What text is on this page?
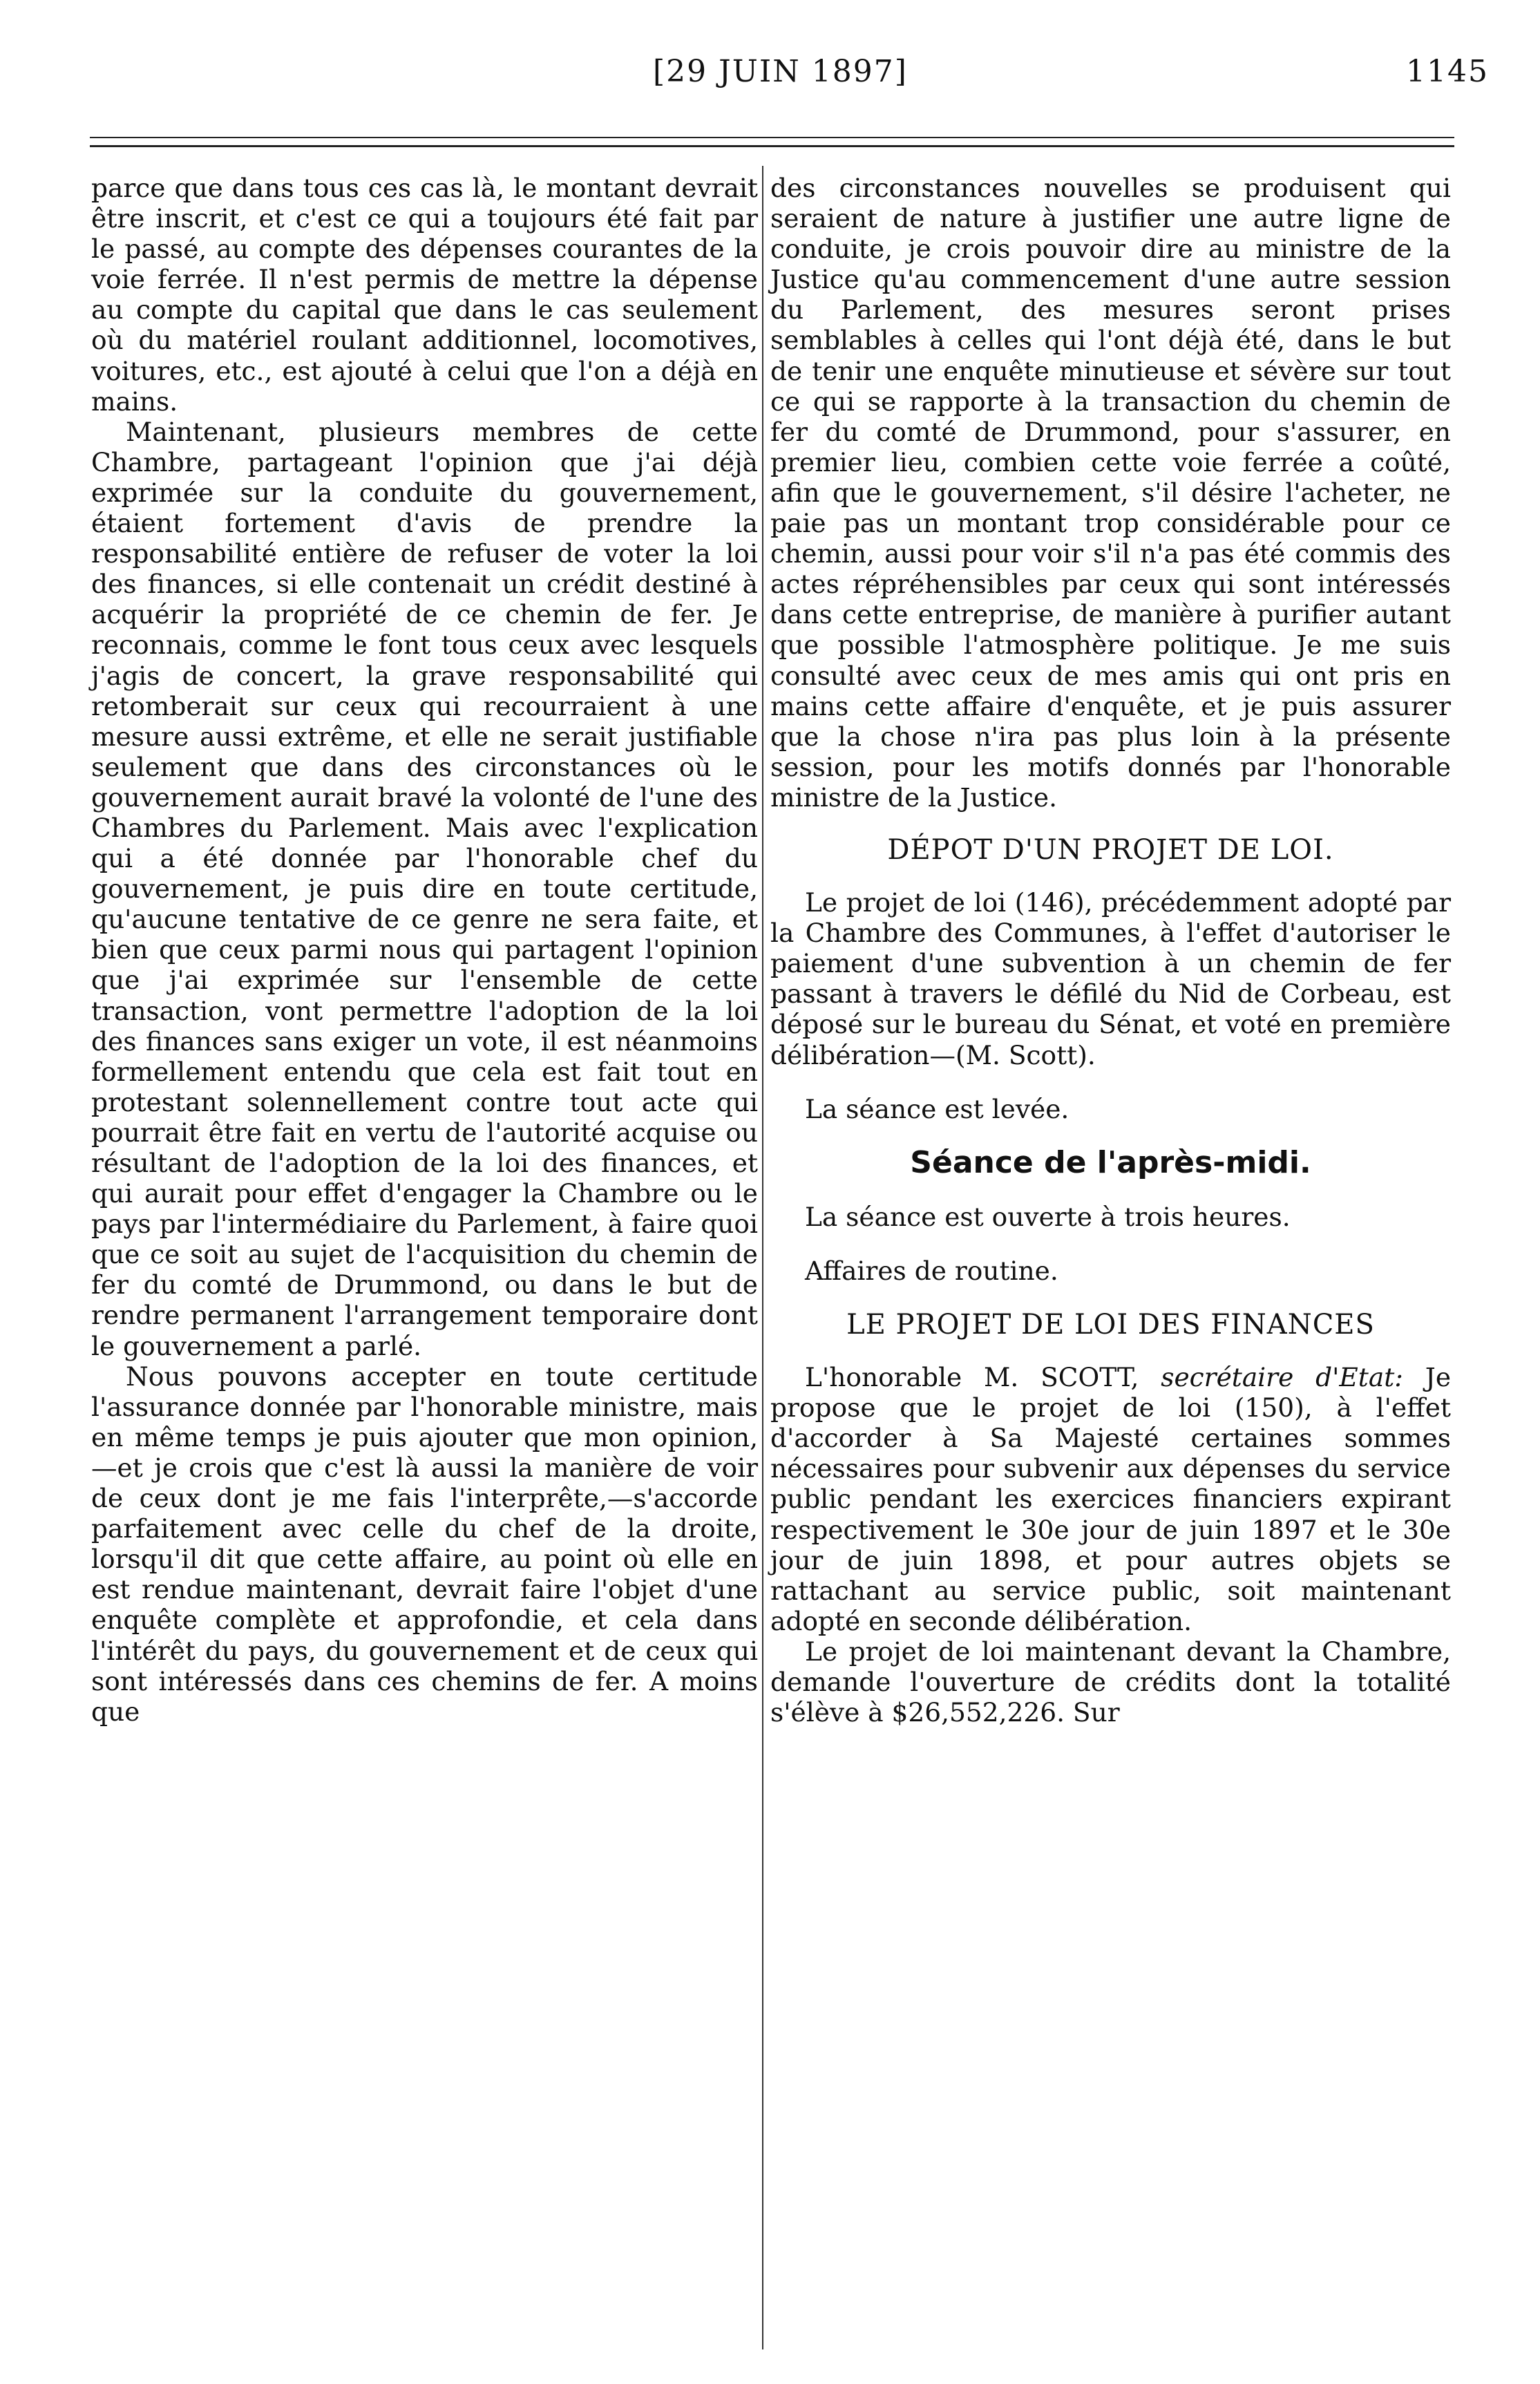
[29 JUIN 1897]	1145

parce que dans tous ces cas là, le montant devrait être inscrit, et c'est ce qui a toujours été fait par le passé, au compte des dépenses courantes de la voie ferrée. Il n'est permis de mettre la dépense au compte du capital que dans le cas seulement où du matériel roulant additionnel, locomotives, voitures, etc., est ajouté à celui que l'on a déjà en mains.

Maintenant, plusieurs membres de cette Chambre, partageant l'opinion que j'ai déjà exprimée sur la conduite du gouvernement, étaient fortement d'avis de prendre la responsabilité entière de refuser de voter la loi des finances, si elle contenait un crédit destiné à acquérir la propriété de ce chemin de fer. Je reconnais, comme le font tous ceux avec lesquels j'agis de concert, la grave responsabilité qui retomberait sur ceux qui recourraient à une mesure aussi extrême, et elle ne serait justifiable seulement que dans des circonstances où le gouvernement aurait bravé la volonté de l'une des Chambres du Parlement. Mais avec l'explication qui a été donnée par l'honorable chef du gouvernement, je puis dire en toute certitude, qu'aucune tentative de ce genre ne sera faite, et bien que ceux parmi nous qui partagent l'opinion que j'ai exprimée sur l'ensemble de cette transaction, vont permettre l'adoption de la loi des finances sans exiger un vote, il est néanmoins formellement entendu que cela est fait tout en protestant solennellement contre tout acte qui pourrait être fait en vertu de l'autorité acquise ou résultant de l'adoption de la loi des finances, et qui aurait pour effet d'engager la Chambre ou le pays par l'intermédiaire du Parlement, à faire quoi que ce soit au sujet de l'acquisition du chemin de fer du comté de Drummond, ou dans le but de rendre permanent l'arrangement temporaire dont le gouvernement a parlé.

Nous pouvons accepter en toute certitude l'assurance donnée par l'honorable ministre, mais en même temps je puis ajouter que mon opinion,—et je crois que c'est là aussi la manière de voir de ceux dont je me fais l'interprête,—s'accorde parfaitement avec celle du chef de la droite, lorsqu'il dit que cette affaire, au point où elle en est rendue maintenant, devrait faire l'objet d'une enquête complète et approfondie, et cela dans l'intérêt du pays, du gouvernement et de ceux qui sont intéressés dans ces chemins de fer. A moins que

des circonstances nouvelles se produisent qui seraient de nature à justifier une autre ligne de conduite, je crois pouvoir dire au ministre de la Justice qu'au commencement d'une autre session du Parlement, des mesures seront prises semblables à celles qui l'ont déjà été, dans le but de tenir une enquête minutieuse et sévère sur tout ce qui se rapporte à la transaction du chemin de fer du comté de Drummond, pour s'assurer, en premier lieu, combien cette voie ferrée a coûté, afin que le gouvernement, s'il désire l'acheter, ne paie pas un montant trop considérable pour ce chemin, aussi pour voir s'il n'a pas été commis des actes répréhensibles par ceux qui sont intéressés dans cette entreprise, de manière à purifier autant que possible l'atmosphère politique. Je me suis consulté avec ceux de mes amis qui ont pris en mains cette affaire d'enquête, et je puis assurer que la chose n'ira pas plus loin à la présente session, pour les motifs donnés par l'honorable ministre de la Justice.

DÉPOT D'UN PROJET DE LOI.

Le projet de loi (146), précédemment adopté par la Chambre des Communes, à l'effet d'autoriser le paiement d'une subvention à un chemin de fer passant à travers le défilé du Nid de Corbeau, est déposé sur le bureau du Sénat, et voté en première délibération—(M. Scott).

La séance est levée.

Séance de l'après-midi.

La séance est ouverte à trois heures.

Affaires de routine.

LE PROJET DE LOI DES FINANCES

L'honorable M. SCOTT, secrétaire d'Etat: Je propose que le projet de loi (150), à l'effet d'accorder à Sa Majesté certaines sommes nécessaires pour subvenir aux dépenses du service public pendant les exercices financiers expirant respectivement le 30e jour de juin 1897 et le 30e jour de juin 1898, et pour autres objets se rattachant au service public, soit maintenant adopté en seconde délibération.

Le projet de loi maintenant devant la Chambre, demande l'ouverture de crédits dont la totalité s'élève à $26,552,226. Sur
